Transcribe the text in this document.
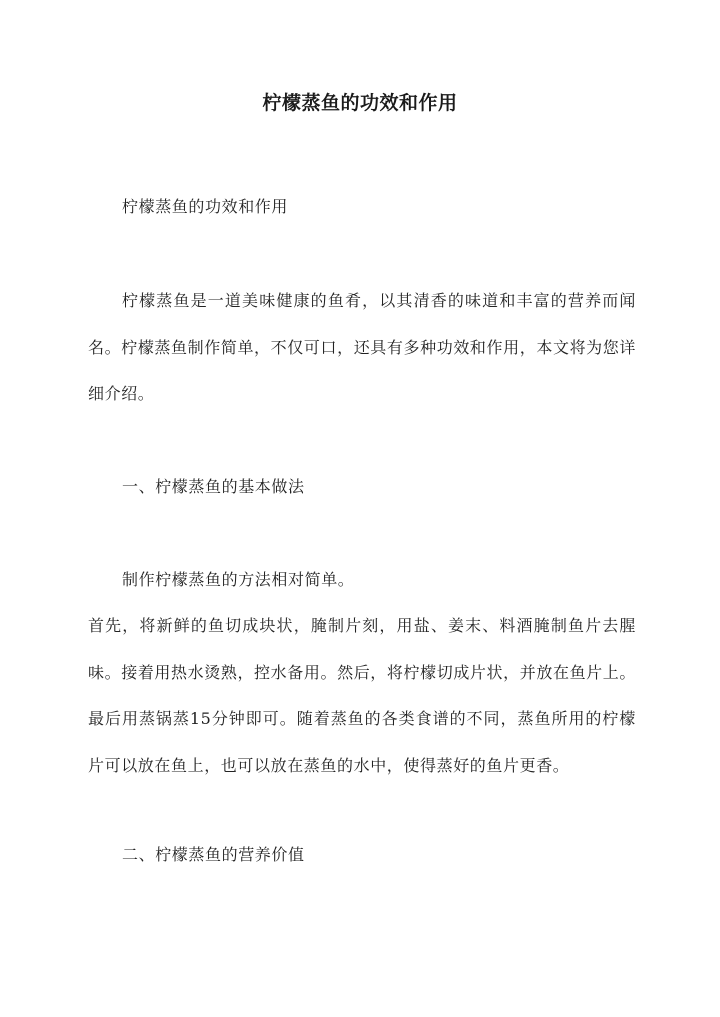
柠檬蒸鱼的功效和作用

柠檬蒸鱼的功效和作用

柠檬蒸鱼是一道美味健康的鱼肴，以其清香的味道和丰富的营养而闻名。柠檬蒸鱼制作简单，不仅可口，还具有多种功效和作用，本文将为您详细介绍。

一、柠檬蒸鱼的基本做法

制作柠檬蒸鱼的方法相对简单。

首先，将新鲜的鱼切成块状，腌制片刻，用盐、姜末、料酒腌制鱼片去腥味。接着用热水烫熟，控水备用。然后，将柠檬切成片状，并放在鱼片上。最后用蒸锅蒸15分钟即可。随着蒸鱼的各类食谱的不同，蒸鱼所用的柠檬片可以放在鱼上，也可以放在蒸鱼的水中，使得蒸好的鱼片更香。

二、柠檬蒸鱼的营养价值
